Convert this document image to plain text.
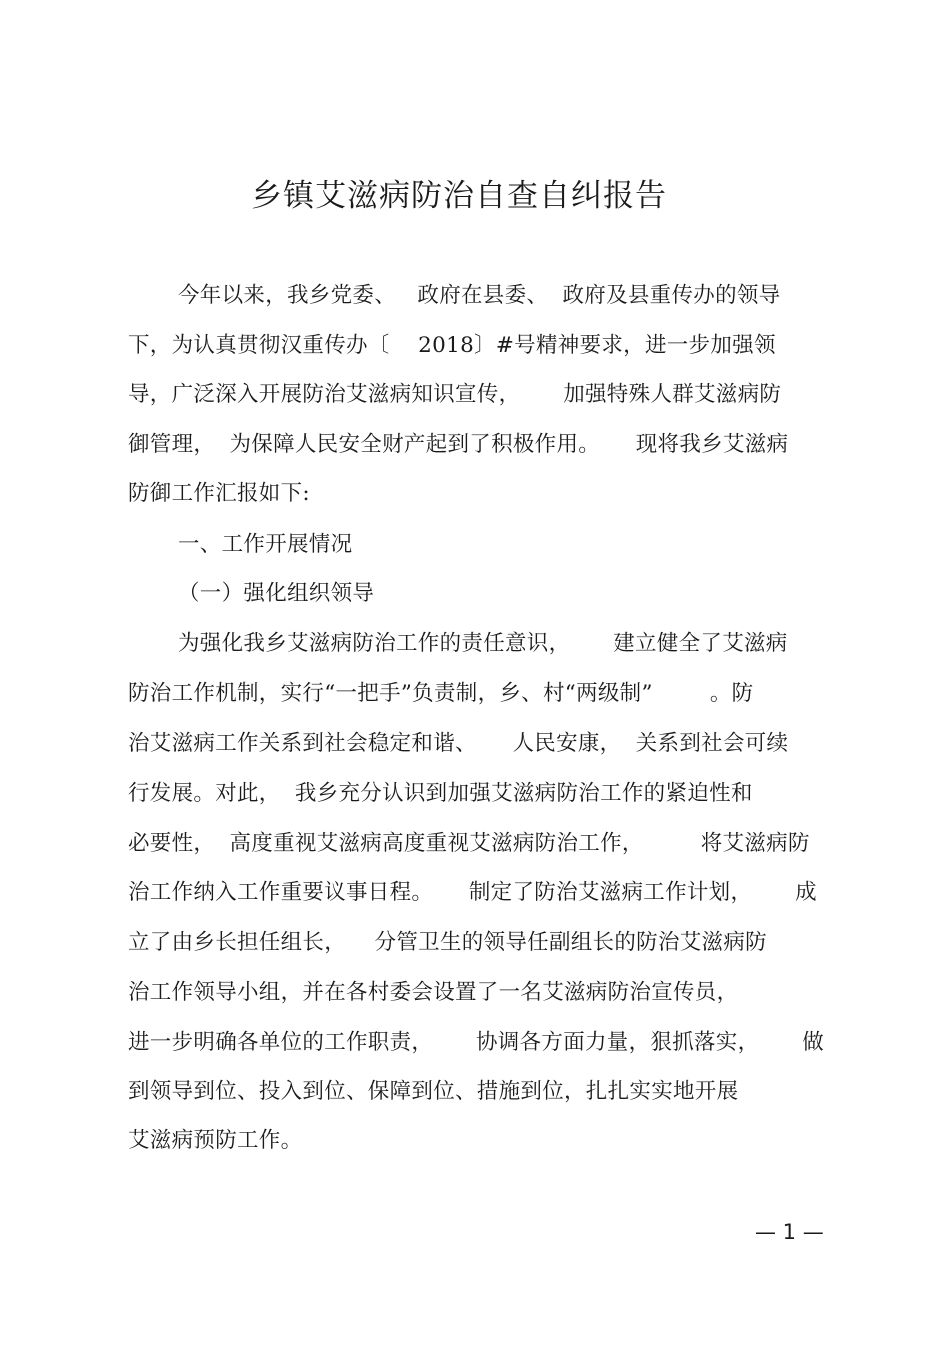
乡镇艾滋病防治自查自纠报告

今年以来，我乡党委、   政府在县委、  政府及县重传办的领导

下，为认真贯彻汉重传办〔    2018〕#号精神要求，进一步加强领

导，广泛深入开展防治艾滋病知识宣传，      加强特殊人群艾滋病防

御管理，  为保障人民安全财产起到了积极作用。     现将我乡艾滋病

防御工作汇报如下:

一、工作开展情况

（一）强化组织领导

为强化我乡艾滋病防治工作的责任意识，      建立健全了艾滋病

防治工作机制，实行“一把手”负责制，乡、村“两级制”        。防

治艾滋病工作关系到社会稳定和谐、     人民安康，  关系到社会可续

行发展。对此，  我乡充分认识到加强艾滋病防治工作的紧迫性和

必要性，  高度重视艾滋病高度重视艾滋病防治工作，        将艾滋病防

治工作纳入工作重要议事日程。     制定了防治艾滋病工作计划，      成

立了由乡长担任组长，    分管卫生的领导任副组长的防治艾滋病防

治工作领导小组，并在各村委会设置了一名艾滋病防治宣传员，

进一步明确各单位的工作职责，      协调各方面力量，狠抓落实，      做

到领导到位、投入到位、保障到位、措施到位，扎扎实实地开展

艾滋病预防工作。

— 1 —
